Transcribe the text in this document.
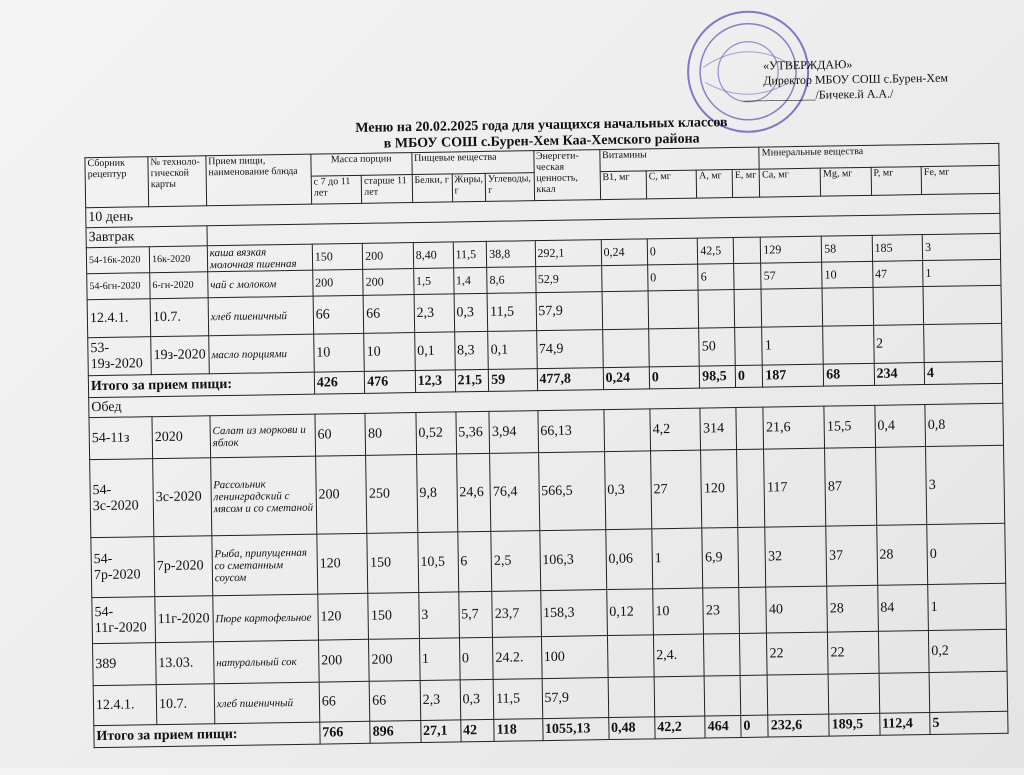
«УТВЕРЖДАЮ»
Директор МБОУ СОШ с.Бурен-Хем
____________/Бичеке.й А.А./
Меню на 20.02.2025 года для учащихся начальных классов
в МБОУ СОШ с.Бурен-Хем Каа-Хемского района
Сборник рецептур	№ техноло-гической карты	Прием пищи, наименование блюда	Масса порции		Пищевые вещества			Энергети-ческая ценность, ккал	Витамины				Минеральные вещества			
			с 7 до 11 лет	старше 11 лет	Белки, г	Жиры, г	Углеводы, г		B1, мг	C, мг	A, мг	E, мг	Ca, мг	Mg, мг	P, мг	Fe, мг
10 день																
Завтрак																
54-16к-2020	16к-2020	каша вязкая молочная пшенная	150	200	8,40	11,5	38,8	292,1	0,24	0	42,5		129	58	185	3
54-6гн-2020	6-гн-2020	чай с молоком	200	200	1,5	1,4	8,6	52,9		0	6		57	10	47	1
12.4.1.	10.7.	хлеб пшеничный	66	66	2,3	0,3	11,5	57,9								
53-19з-2020	19з-2020	масло порциями	10	10	0,1	8,3	0,1	74,9			50		1		2	
Итого за прием пищи:			426	476	12,3	21,5	59	477,8	0,24	0	98,5	0	187	68	234	4
Обед																
54-11з	2020	Салат из моркови и яблок	60	80	0,52	5,36	3,94	66,13		4,2	314		21,6	15,5	0,4	0,8
54-3с-2020	3с-2020	Рассольник ленинградский с мясом и со сметаной	200	250	9,8	24,6	76,4	566,5	0,3	27	120		117	87		3
54-7р-2020	7р-2020	Рыба, припущенная со сметанным соусом	120	150	10,5	6	2,5	106,3	0,06	1	6,9		32	37	28	0
54-11г-2020	11г-2020	Пюре картофельное	120	150	3	5,7	23,7	158,3	0,12	10	23		40	28	84	1
389	13.03.	натуральный сок	200	200	1	0	24.2.	100		2,4.			22	22		0,2
12.4.1.	10.7.	хлеб пшеничный	66	66	2,3	0,3	11,5	57,9								
Итого за прием пищи:			766	896	27,1	42	118	1055,13	0,48	42,2	464	0	232,6	189,5	112,4	5
